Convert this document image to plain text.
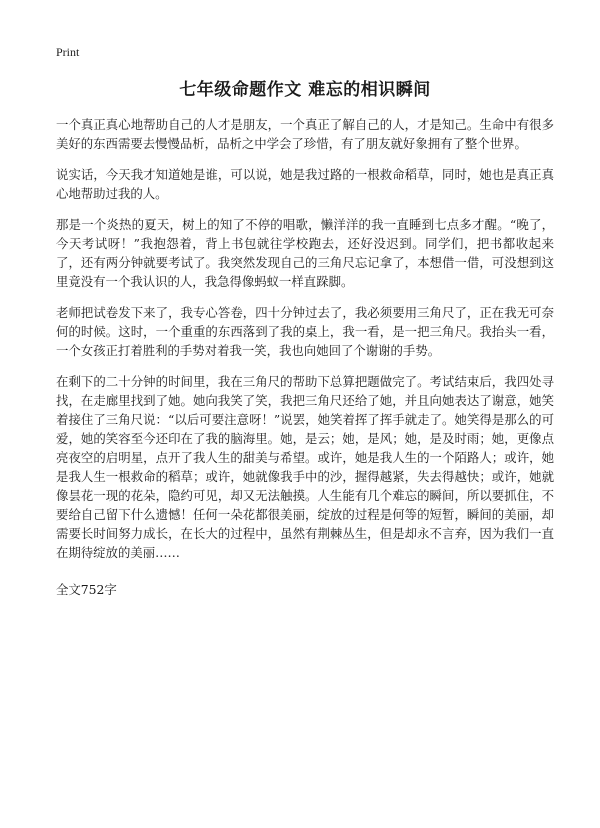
Print
七年级命题作文 难忘的相识瞬间

一个真正真心地帮助自己的人才是朋友，一个真正了解自己的人，才是知己。生命中有很多美好的东西需要去慢慢品析，品析之中学会了珍惜，有了朋友就好象拥有了整个世界。

说实话，今天我才知道她是谁，可以说，她是我过路的一根救命稻草，同时，她也是真正真心地帮助过我的人。

那是一个炎热的夏天，树上的知了不停的唱歌，懒洋洋的我一直睡到七点多才醒。“晚了，今天考试呀！”我抱怨着，背上书包就往学校跑去，还好没迟到。同学们，把书都收起来了，还有两分钟就要考试了。我突然发现自己的三角尺忘记拿了，本想借一借，可没想到这里竟没有一个我认识的人，我急得像蚂蚁一样直跺脚。

老师把试卷发下来了，我专心答卷，四十分钟过去了，我必须要用三角尺了，正在我无可奈何的时候。这时，一个重重的东西落到了我的桌上，我一看，是一把三角尺。我抬头一看，一个女孩正打着胜利的手势对着我一笑，我也向她回了个谢谢的手势。

在剩下的二十分钟的时间里，我在三角尺的帮助下总算把题做完了。考试结束后，我四处寻找，在走廊里找到了她。她向我笑了笑，我把三角尺还给了她，并且向她表达了谢意，她笑着接住了三角尺说：“以后可要注意呀！”说罢，她笑着挥了挥手就走了。她笑得是那么的可爱，她的笑容至今还印在了我的脑海里。她，是云；她，是风；她，是及时雨；她，更像点亮夜空的启明星，点开了我人生的甜美与希望。或许，她是我人生的一个陌路人；或许，她是我人生一根救命的稻草；或许，她就像我手中的沙，握得越紧，失去得越快；或许，她就像昙花一现的花朵，隐约可见，却又无法触摸。人生能有几个难忘的瞬间，所以要抓住，不要给自己留下什么遗憾！任何一朵花都很美丽，绽放的过程是何等的短暂，瞬间的美丽，却需要长时间努力成长，在长大的过程中，虽然有荆棘丛生，但是却永不言弃，因为我们一直在期待绽放的美丽……

全文752字
